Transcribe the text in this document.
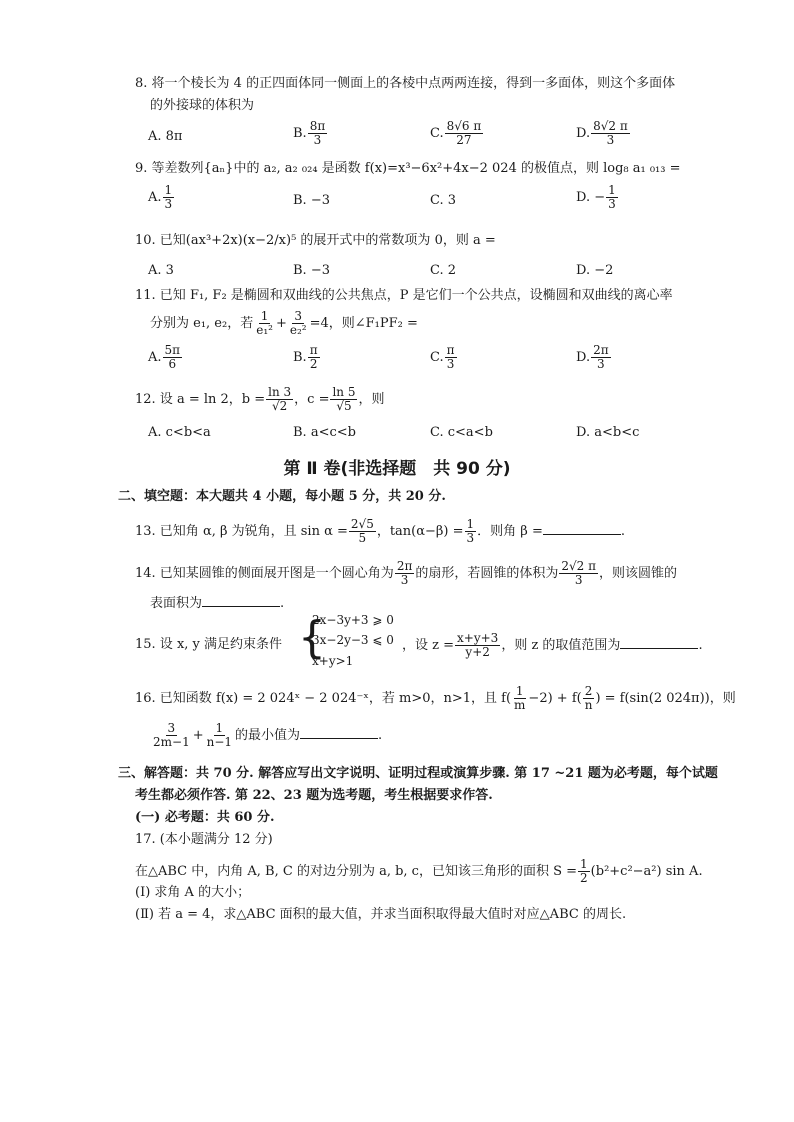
8. 将一个棱长为 4 的正四面体同一侧面上的各棱中点两两连接，得到一多面体，则这个多面体
的外接球的体积为
A. 8π	B. $\frac{8\pi}{3}$	C. $\frac{8√6 \pi}{27}$	D. $\frac{8√2 \pi}{3}$
9. 等差数列{aₙ}中的 a₂, a₂ ₀₂₄ 是函数 f(x)=x³−6x²+4x−2 024 的极值点，则 log₈ a₁ ₀₁₃ =
A. $\frac{1}{3}$	B. −3	C. 3	D. − $\frac{1}{3}$
10. 已知(ax³+2x)(x−2/x)⁵ 的展开式中的常数项为 0，则 a =
A. 3	B. −3	C. 2	D. −2
11. 已知 F₁, F₂ 是椭圆和双曲线的公共焦点，P 是它们一个公共点，设椭圆和双曲线的离心率
分别为 e₁, e₂，若 $\frac{1}{\text{e₁²}} + \frac{3}{\text{e₂²}} =4$，则∠F₁PF₂ =
A. $\frac{5\pi}{6}$	B. $\frac{\pi}{2}$	C. $\frac{\pi}{3}$	D. $\frac{2\pi}{3}$
12. 设 a = ln 2，$b = \frac{\ln 3}{√2}$ ，$c = \frac{\ln 5}{√5}$ ，则
A. c<b<a	B. a<c<b	C. c<a<b	D. a<b<c
第 Ⅱ 卷(非选择题　共 90 分)
二、填空题：本大题共 4 小题，每小题 5 分，共 20 分.
13. 已知角 α, β 为锐角，且 $\sin \alpha = \frac{2√5}{5}$ ，$\tan(\alpha-\beta) = \frac{1}{3}$ ．则角 β =	.
14. 已知某圆锥的侧面展开图是一个圆心角为 $\frac{2\pi}{3}$ 的扇形，若圆锥的体积为 $\frac{2√2 \pi}{3}$ ，则该圆锥的
表面积为	.
15. 设 x, y 满足约束条件 {
2x−3y+3 ⩾ 0
3x−2y−3 ⩽ 0
x+y>1
，设 $z = \frac{x+y+3}{y+2}$ ，则 z 的取值范围为	.
16. 已知函数 f(x) = 2 024ˣ − 2 024⁻ˣ，若 m>0，n>1，且 $f( \frac{1}{m} -2) + f( \frac{2}{n}$ ) = f(sin(2 024π))，则
$\frac{3}{2m-1} + \frac{1}{n-1}$ 的最小值为	.
三、解答题：共 70 分. 解答应写出文字说明、证明过程或演算步骤. 第 17 ~21 题为必考题，每个试题
考生都必须作答. 第 22、23 题为选考题，考生根据要求作答.
(一) 必考题：共 60 分.
17. (本小题满分 12 分)
在△ABC 中，内角 A, B, C 的对边分别为 a, b, c，已知该三角形的面积 $S = \frac{1}{2} (b^2+c^2-a^2)$ sin A.
(Ⅰ) 求角 A 的大小；
(Ⅱ) 若 a = 4，求△ABC 面积的最大值，并求当面积取得最大值时对应△ABC 的周长.
